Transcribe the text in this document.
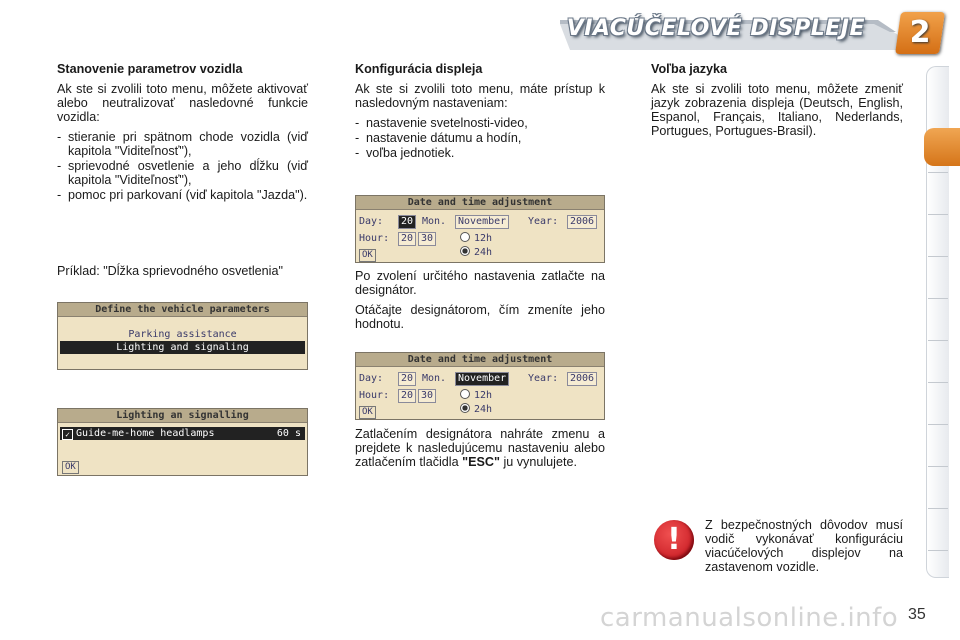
VIACÚČELOVÉ DISPLEJE	2
Stanovenie parametrov vozidla

Ak ste si zvolili toto menu, môžete aktivovať alebo neutralizovať nasledovné funkcie vozidla:

- stieranie pri spätnom chode vozidla (viď kapitola "Viditeľnosť"),
- sprievodné osvetlenie a jeho dĺžku (viď kapitola "Viditeľnosť"),
- pomoc pri parkovaní (viď kapitola "Jazda").

Príklad: "Dĺžka sprievodného osvetlenia"

Define the vehicle parameters
Parking assistance
Lighting and signaling
Lighting an signalling
✓ Guide-me-home headlamps	60 s
OK
Konfigurácia displeja

Ak ste si zvolili toto menu, máte prístup k nasledovným nastaveniam:

- nastavenie svetelnosti-video,
- nastavenie dátumu a hodín,
- voľba jednotiek.
Date and time adjustment
Day:	20 Mon.	November	Year:	2006
Hour:	20 30	12h
24h
OK

Po zvolení určitého nastavenia zatlačte na designátor.

Otáčajte designátorom, čím zmeníte jeho hodnotu.

Date and time adjustment
Day:	20 Mon.	November	Year:	2006
Hour:	20 30	12h
24h
OK

Zatlačením designátora nahráte zmenu a prejdete k nasledujúcemu nastaveniu alebo zatlačením tlačidla "ESC" ju vynulujete.

Voľba jazyka

Ak ste si zvolili toto menu, môžete zmeniť jazyk zobrazenia displeja (Deutsch, English, Espanol, Français, Italiano, Nederlands, Portugues, Portugues-Brasil).

!	Z bezpečnostných dôvodov musí vodič vykonávať konfiguráciu viacúčelových displejov na zastavenom vozidle.

carmanualsonline.info 35
